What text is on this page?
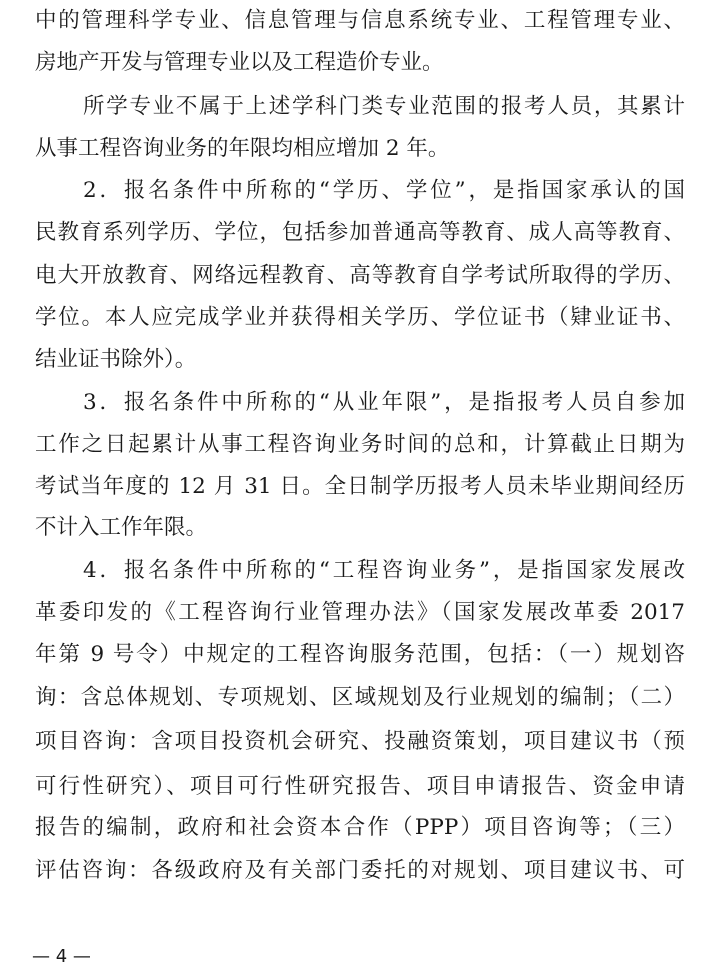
中的管理科学专业、信息管理与信息系统专业、工程管理专业、
房地产开发与管理专业以及工程造价专业。
所学专业不属于上述学科门类专业范围的报考人员，其累计
从事工程咨询业务的年限均相应增加 2 年。
2．报名条件中所称的“学历、学位”，是指国家承认的国
民教育系列学历、学位，包括参加普通高等教育、成人高等教育、
电大开放教育、网络远程教育、高等教育自学考试所取得的学历、
学位。本人应完成学业并获得相关学历、学位证书（肄业证书、
结业证书除外）。
3．报名条件中所称的“从业年限”，是指报考人员自参加
工作之日起累计从事工程咨询业务时间的总和，计算截止日期为
考试当年度的 12 月 31 日。全日制学历报考人员未毕业期间经历
不计入工作年限。
4．报名条件中所称的“工程咨询业务”，是指国家发展改
革委印发的《工程咨询行业管理办法》（国家发展改革委 2017
年第 9 号令）中规定的工程咨询服务范围，包括：（一）规划咨
询：含总体规划、专项规划、区域规划及行业规划的编制；（二）
项目咨询：含项目投资机会研究、投融资策划，项目建议书（预
可行性研究）、项目可行性研究报告、项目申请报告、资金申请
报告的编制，政府和社会资本合作（PPP）项目咨询等；（三）
评估咨询：各级政府及有关部门委托的对规划、项目建议书、可
— 4 —
